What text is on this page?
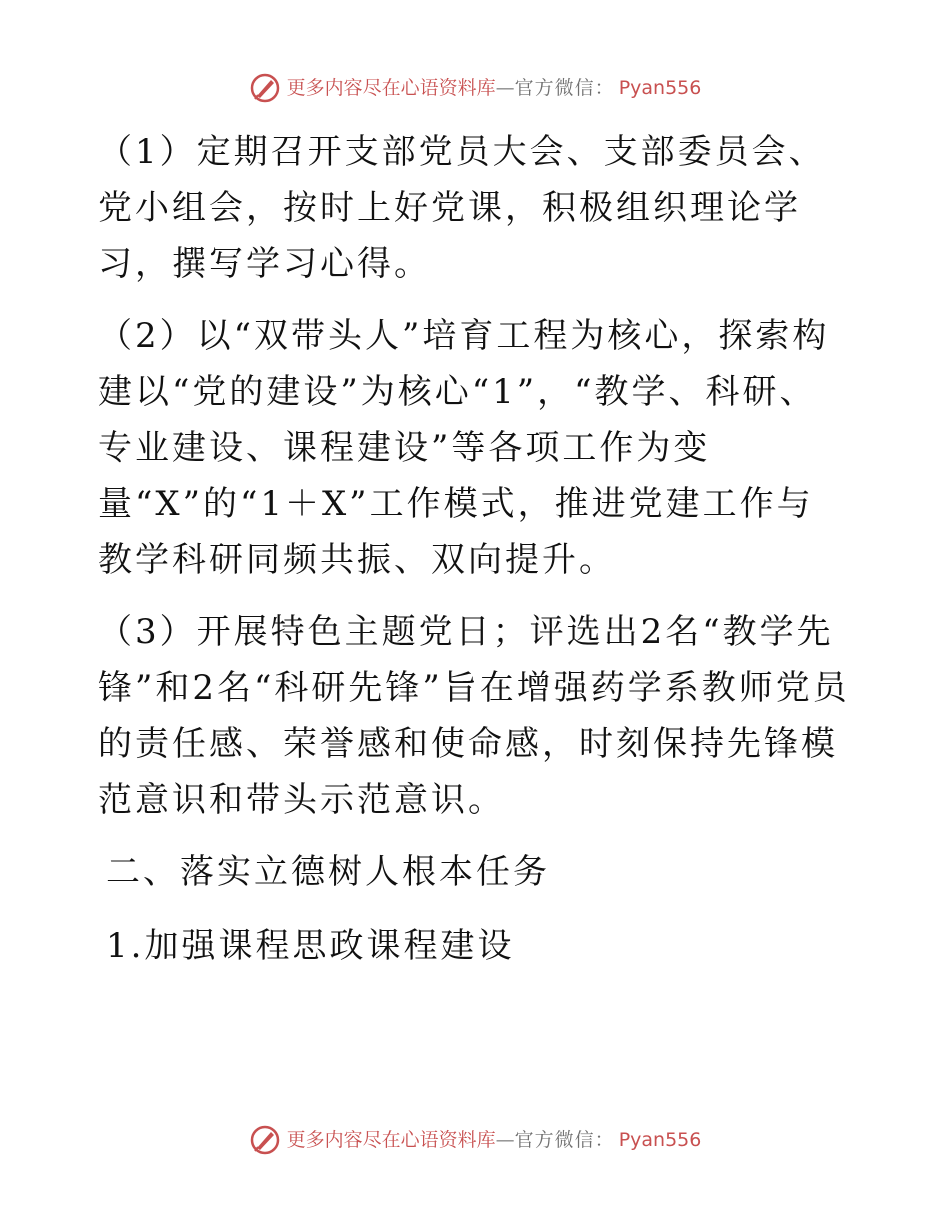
更多内容尽在心语资料库 — 官方微信： Pyan556

（1）定期召开支部党员大会、支部委员会、党小组会，按时上好党课，积极组织理论学习，撰写学习心得。

（2）以“双带头人”培育工程为核心，探索构建以“党的建设”为核心“1”，“教学、科研、专业建设、课程建设”等各项工作为变量“X”的“1＋X”工作模式，推进党建工作与教学科研同频共振、双向提升。

（3）开展特色主题党日；评选出2名“教学先锋”和2名“科研先锋”旨在增强药学系教师党员的责任感、荣誉感和使命感，时刻保持先锋模范意识和带头示范意识。

二、落实立德树人根本任务
1.加强课程思政课程建设
更多内容尽在心语资料库 — 官方微信： Pyan556
